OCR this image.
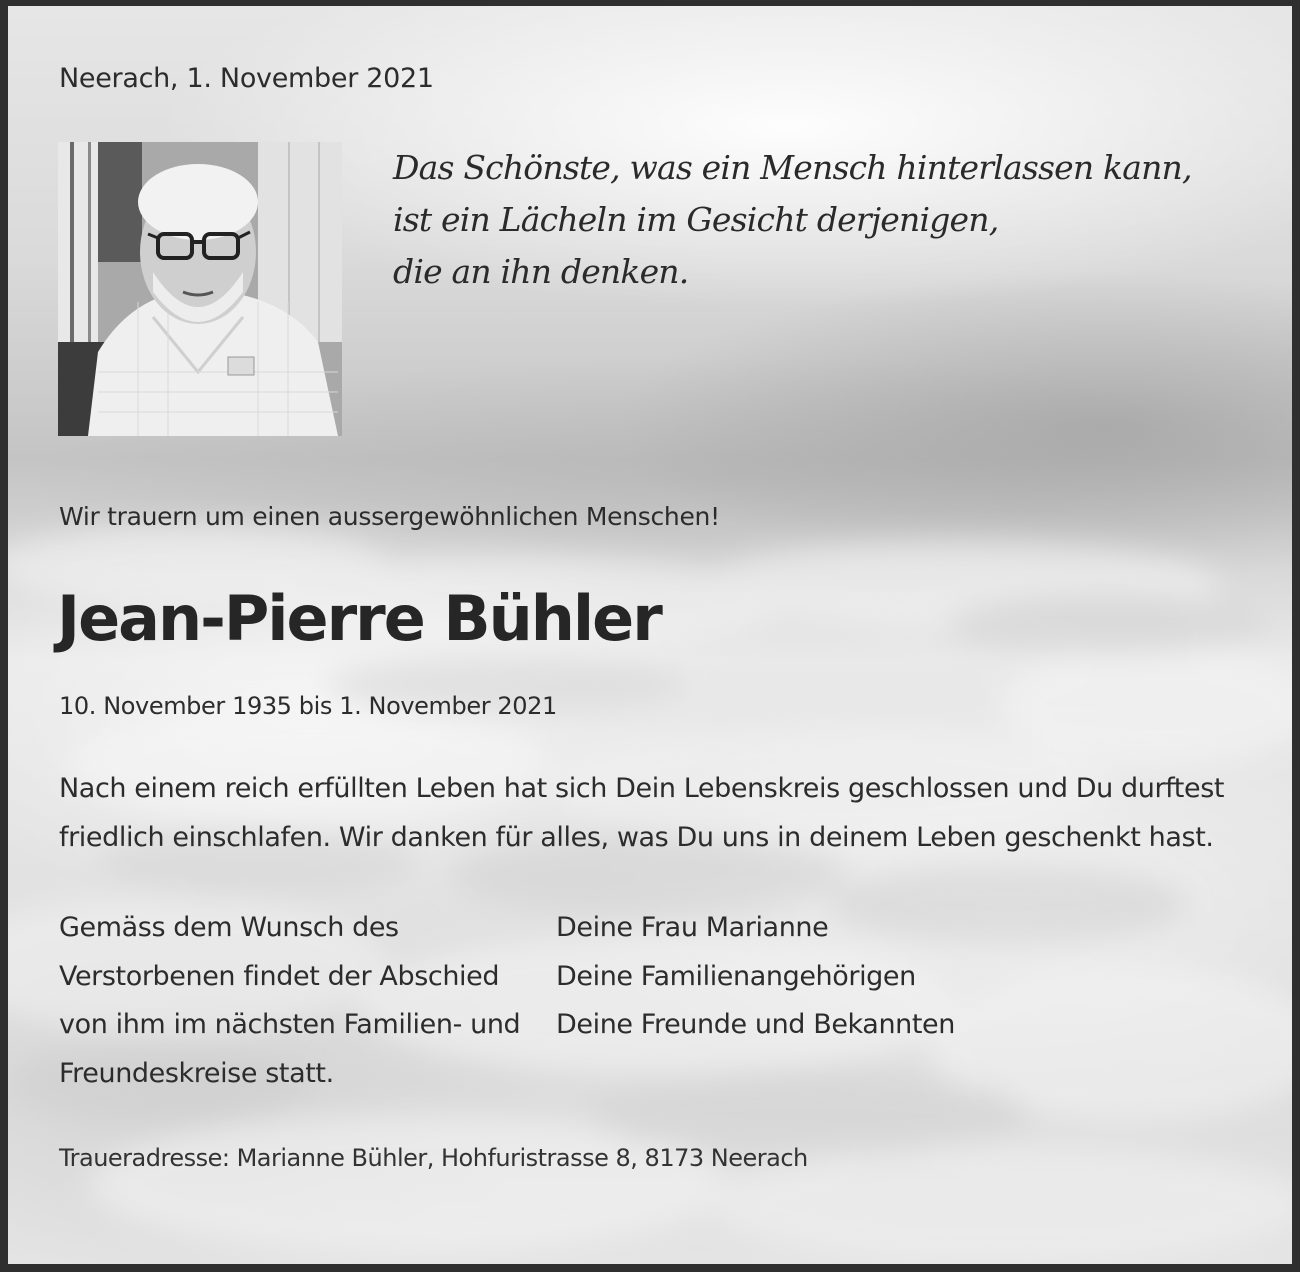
Neerach, 1. November 2021

Das Schönste, was ein Mensch hinterlassen kann,
ist ein Lächeln im Gesicht derjenigen,
die an ihn denken.

Wir trauern um einen aussergewöhnlichen Menschen!

Jean-Pierre Bühler

10. November 1935 bis 1. November 2021

Nach einem reich erfüllten Leben hat sich Dein Lebenskreis geschlossen und Du durftest
friedlich einschlafen. Wir danken für alles, was Du uns in deinem Leben geschenkt hast.
Gemäss dem Wunsch des
Verstorbenen findet der Abschied
von ihm im nächsten Familien- und
Freundeskreise statt.
Deine Frau Marianne
Deine Familienangehörigen
Deine Freunde und Bekannten

Traueradresse: Marianne Bühler, Hohfuristrasse 8, 8173 Neerach
